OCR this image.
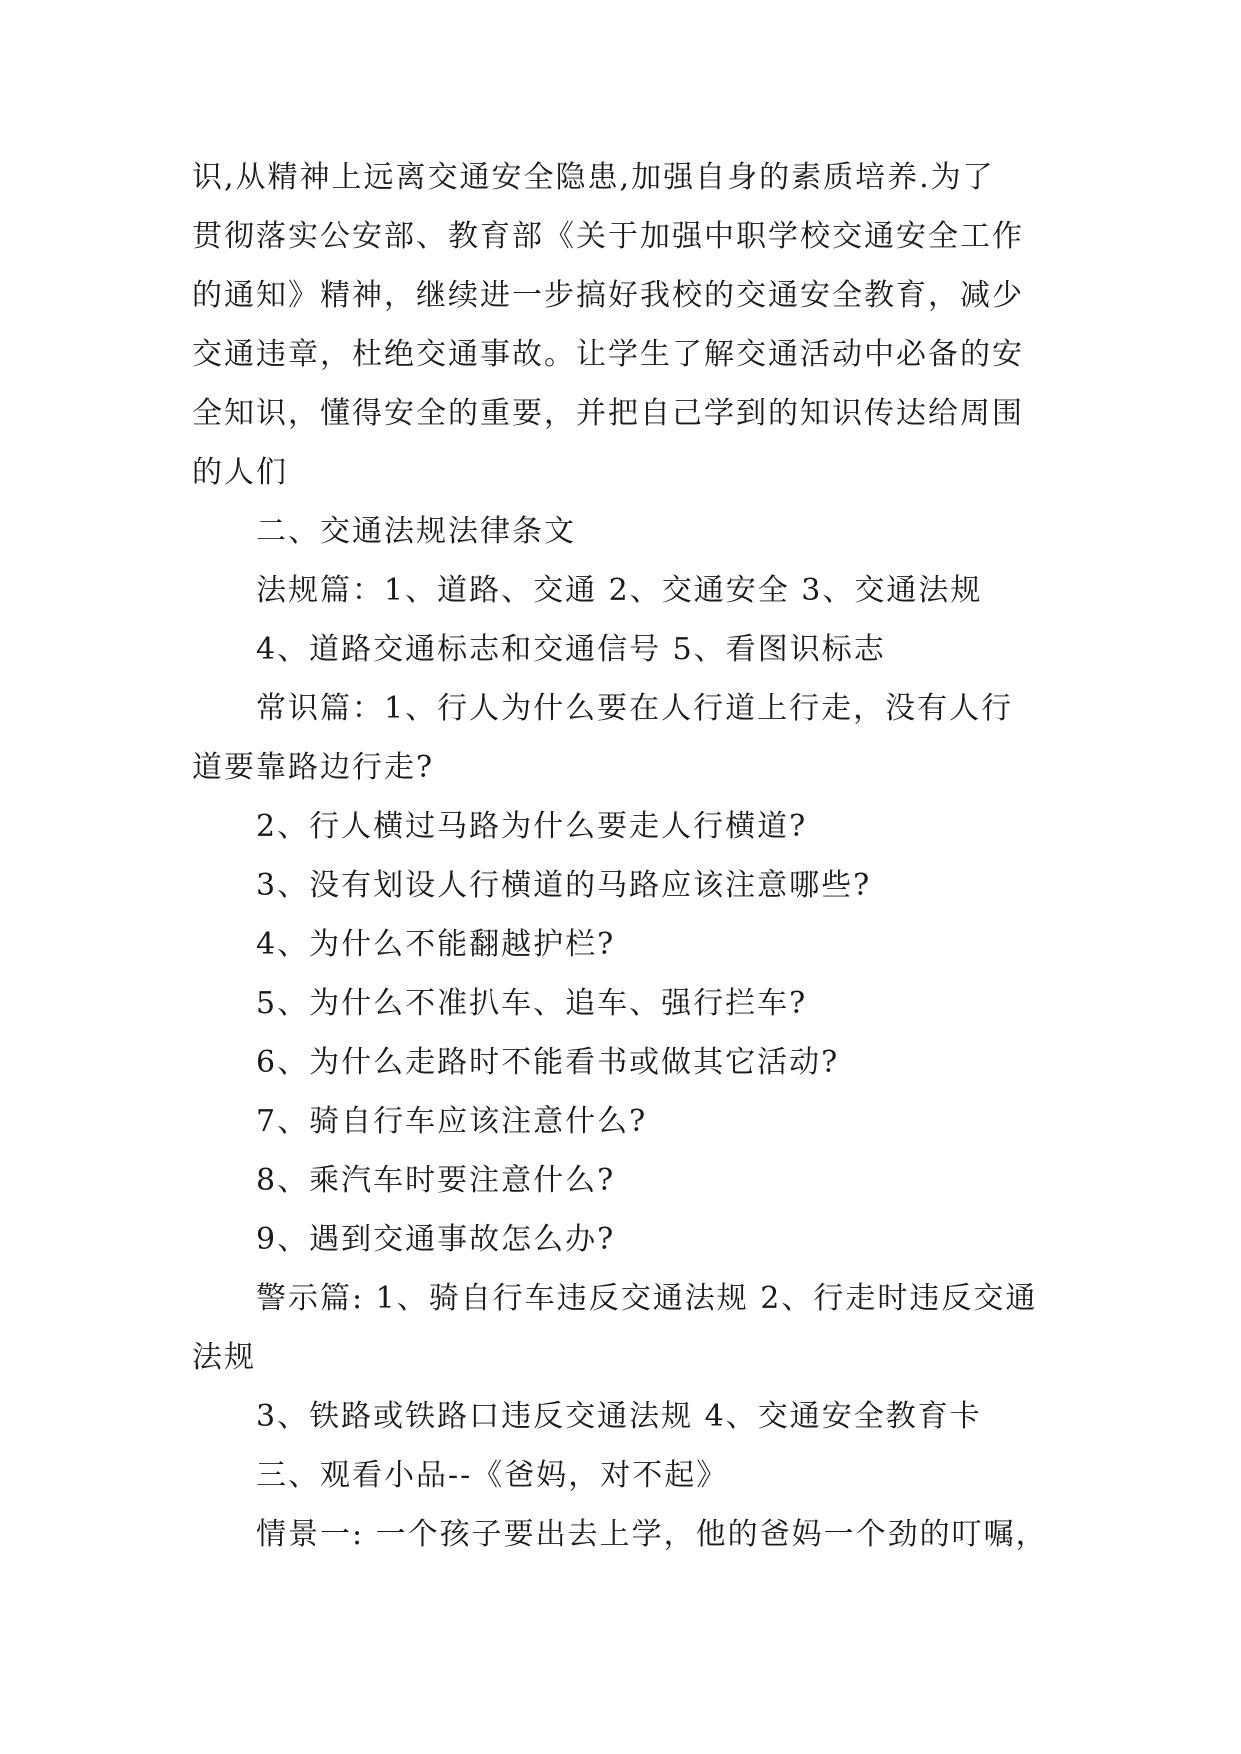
识,从精神上远离交通安全隐患,加强自身的素质培养.为了

贯彻落实公安部、教育部《关于加强中职学校交通安全工作

的通知》精神，继续进一步搞好我校的交通安全教育，减少

交通违章，杜绝交通事故。让学生了解交通活动中必备的安

全知识，懂得安全的重要，并把自己学到的知识传达给周围

的人们

二、交通法规法律条文

法规篇：1、道路、交通 2、交通安全 3、交通法规

4、道路交通标志和交通信号 5、看图识标志

常识篇：1、行人为什么要在人行道上行走，没有人行

道要靠路边行走?

2、行人横过马路为什么要走人行横道?

3、没有划设人行横道的马路应该注意哪些?

4、为什么不能翻越护栏?

5、为什么不准扒车、追车、强行拦车?

6、为什么走路时不能看书或做其它活动?

7、骑自行车应该注意什么?

8、乘汽车时要注意什么?

9、遇到交通事故怎么办?

警示篇: 1、骑自行车违反交通法规 2、行走时违反交通

法规

3、铁路或铁路口违反交通法规 4、交通安全教育卡

三、观看小品--《爸妈，对不起》

情景一: 一个孩子要出去上学，他的爸妈一个劲的叮嘱，
